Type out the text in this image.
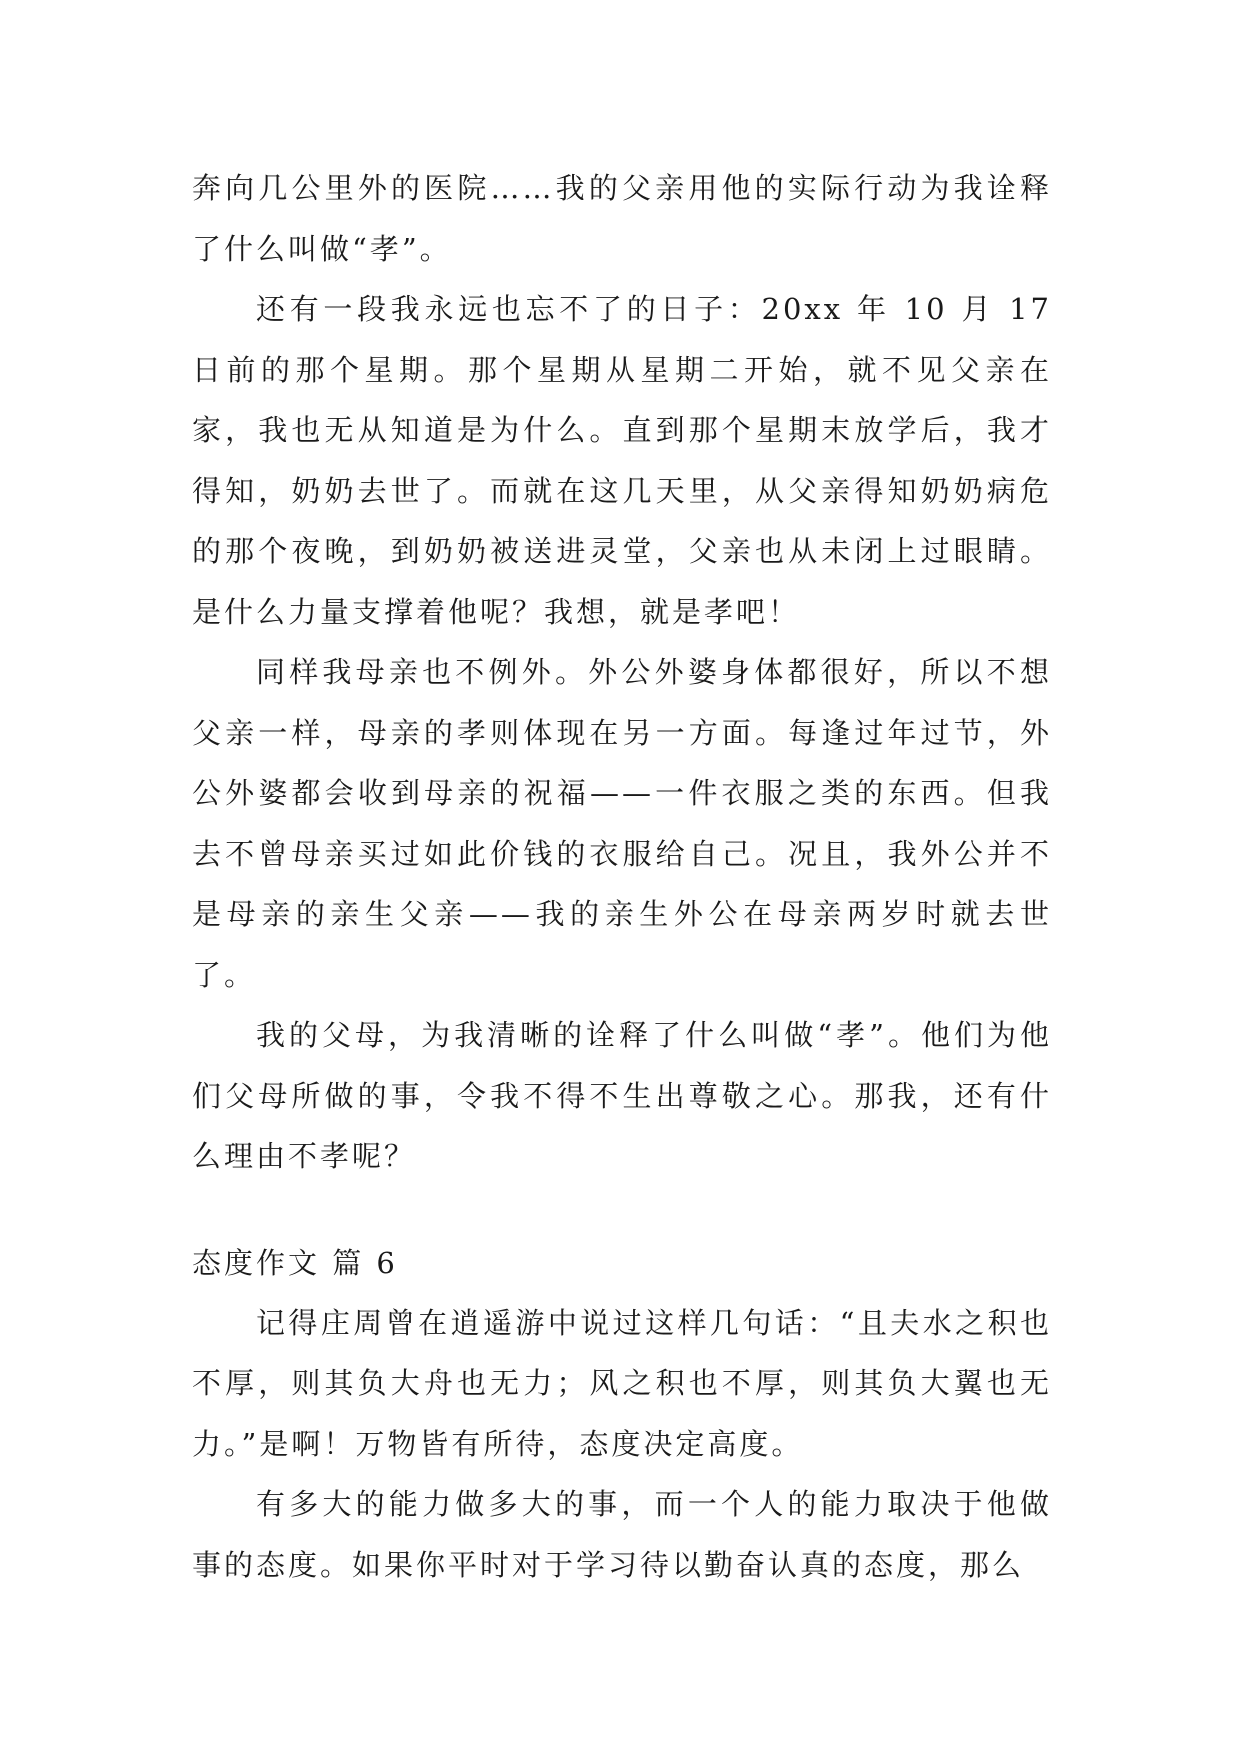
奔向几公里外的医院……我的父亲用他的实际行动为我诠释了什么叫做“孝”。

还有一段我永远也忘不了的日子：20xx 年 10 月 17 日前的那个星期。那个星期从星期二开始，就不见父亲在家，我也无从知道是为什么。直到那个星期末放学后，我才得知，奶奶去世了。而就在这几天里，从父亲得知奶奶病危的那个夜晚，到奶奶被送进灵堂，父亲也从未闭上过眼睛。是什么力量支撑着他呢？我想，就是孝吧！

同样我母亲也不例外。外公外婆身体都很好，所以不想父亲一样，母亲的孝则体现在另一方面。每逢过年过节，外公外婆都会收到母亲的祝福——一件衣服之类的东西。但我去不曾母亲买过如此价钱的衣服给自己。况且，我外公并不是母亲的亲生父亲——我的亲生外公在母亲两岁时就去世了。

我的父母，为我清晰的诠释了什么叫做“孝”。他们为他们父母所做的事，令我不得不生出尊敬之心。那我，还有什么理由不孝呢？

态度作文 篇 6

记得庄周曾在逍遥游中说过这样几句话：“且夫水之积也不厚，则其负大舟也无力；风之积也不厚，则其负大翼也无力。”是啊！万物皆有所待，态度决定高度。

有多大的能力做多大的事，而一个人的能力取决于他做事的态度。如果你平时对于学习待以勤奋认真的态度，那么
